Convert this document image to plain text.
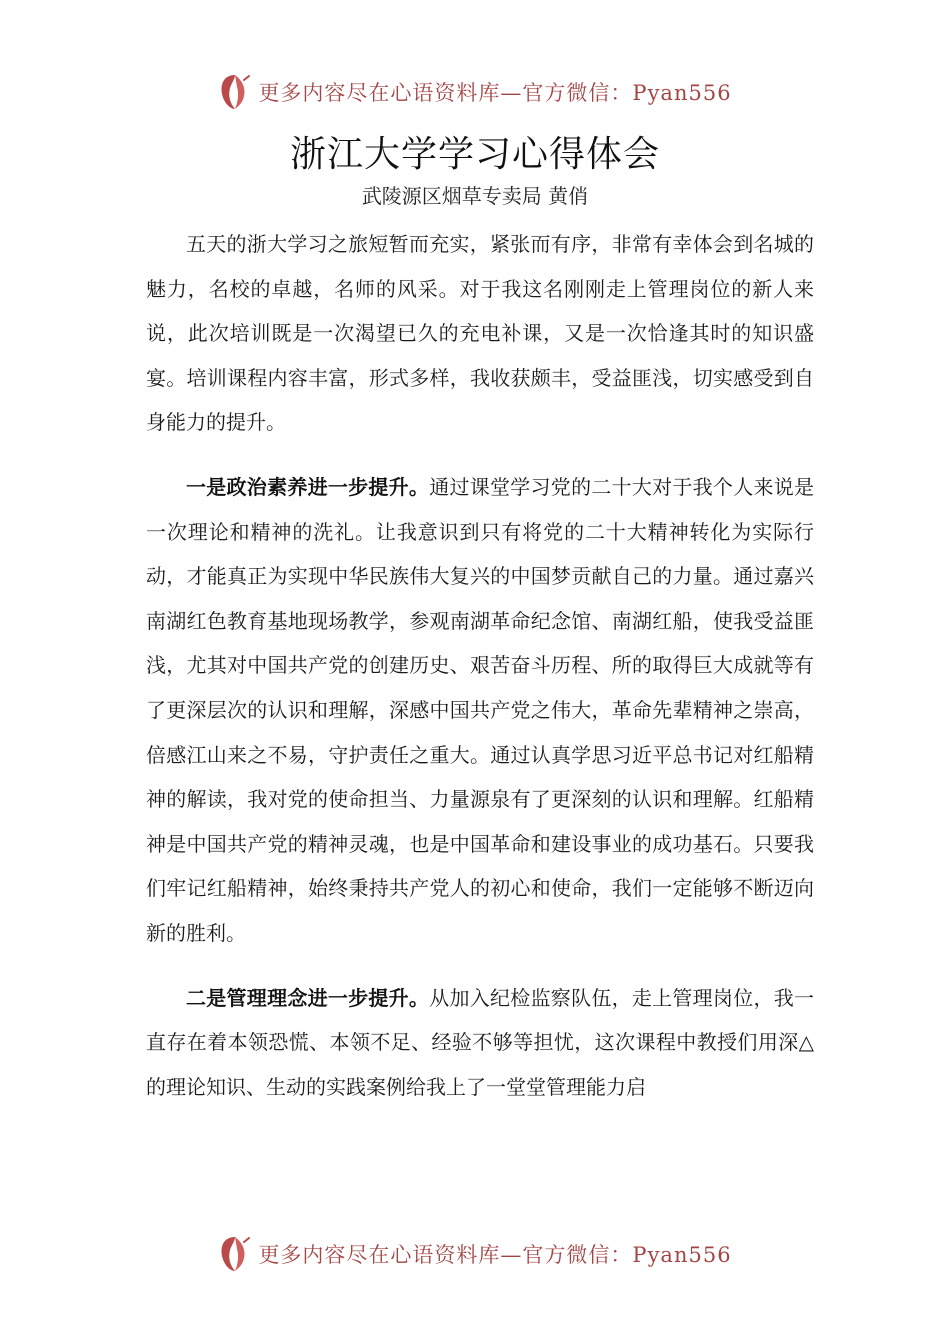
更多内容尽在心语资料库—官方微信：Pyan556
浙江大学学习心得体会
武陵源区烟草专卖局 黄俏

五天的浙大学习之旅短暂而充实，紧张而有序，非常有幸体会到名城的魅力，名校的卓越，名师的风采。对于我这名刚刚走上管理岗位的新人来说，此次培训既是一次渴望已久的充电补课，又是一次恰逢其时的知识盛宴。培训课程内容丰富，形式多样，我收获颇丰，受益匪浅，切实感受到自身能力的提升。

一是政治素养进一步提升。通过课堂学习党的二十大对于我个人来说是一次理论和精神的洗礼。让我意识到只有将党的二十大精神转化为实际行动，才能真正为实现中华民族伟大复兴的中国梦贡献自己的力量。通过嘉兴南湖红色教育基地现场教学，参观南湖革命纪念馆、南湖红船，使我受益匪浅，尤其对中国共产党的创建历史、艰苦奋斗历程、所的取得巨大成就等有了更深层次的认识和理解，深感中国共产党之伟大，革命先辈精神之崇高，倍感江山来之不易，守护责任之重大。通过认真学思习近平总书记对红船精神的解读，我对党的使命担当、力量源泉有了更深刻的认识和理解。红船精神是中国共产党的精神灵魂，也是中国革命和建设事业的成功基石。只要我们牢记红船精神，始终秉持共产党人的初心和使命，我们一定能够不断迈向新的胜利。

二是管理理念进一步提升。从加入纪检监察队伍，走上管理岗位，我一直存在着本领恐慌、本领不足、经验不够等担忧，这次课程中教授们用深△的理论知识、生动的实践案例给我上了一堂堂管理能力启

更多内容尽在心语资料库—官方微信：Pyan556
